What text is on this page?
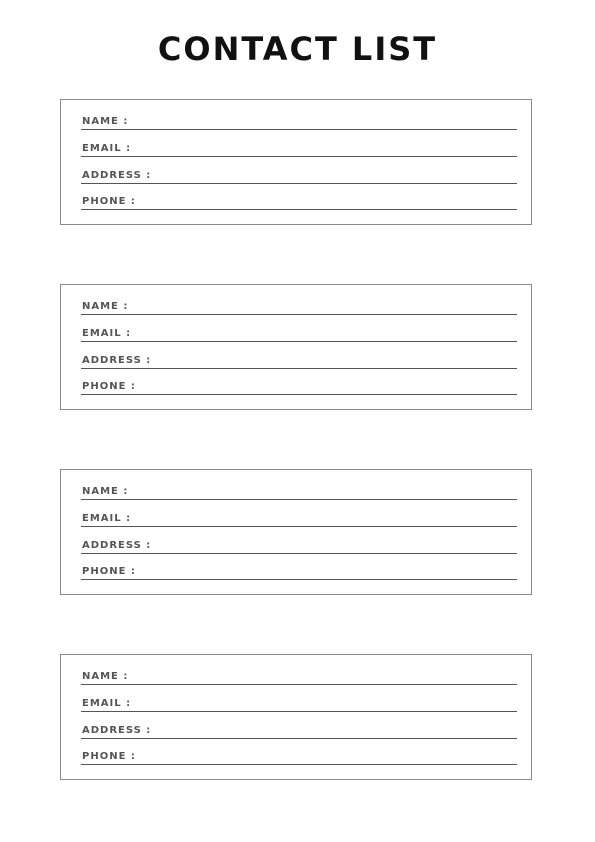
CONTACT LIST
NAME :
EMAIL :
ADDRESS :
PHONE :
NAME :
EMAIL :
ADDRESS :
PHONE :
NAME :
EMAIL :
ADDRESS :
PHONE :
NAME :
EMAIL :
ADDRESS :
PHONE :
